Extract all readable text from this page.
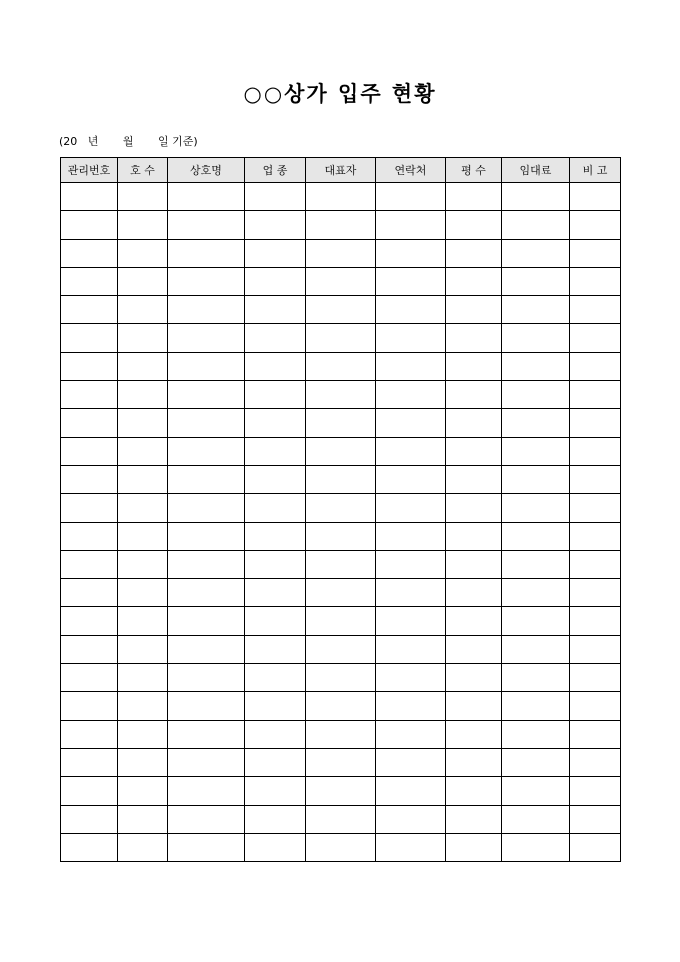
○○상가 입주 현황
(20   년       월       일 기준)
관리번호	호 수	상호명	업 종	대표자	연락처	평 수	임대료	비 고
